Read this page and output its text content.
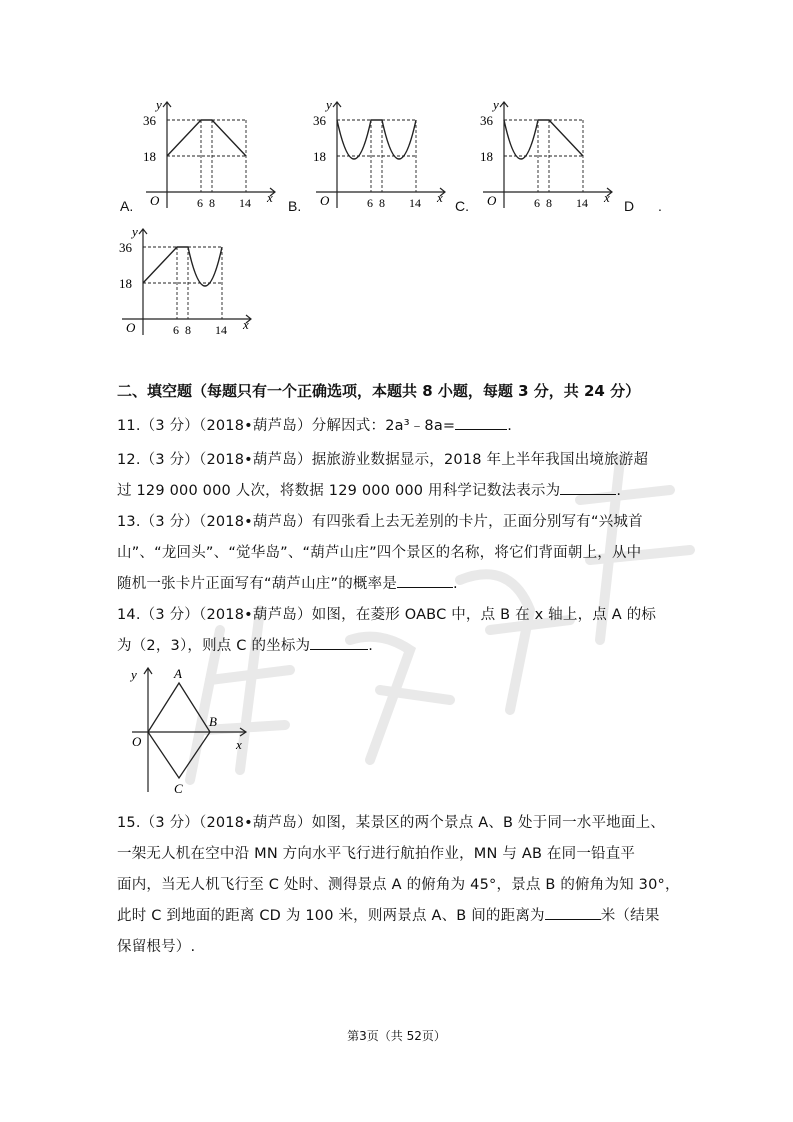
y
36
18
O	6 8 14 x
A.
y
36
18
O	6 8 14 x
B.
y
36
18
O	6 8 14 x
C.	D .
y
36
18
O	6 8 14 x
二、填空题（每题只有一个正确选项，本题共 8 小题，每题 3 分，共 24 分）
11.（3 分）（2018•葫芦岛）分解因式：2a³﹣8a=	.
12.（3 分）（2018•葫芦岛）据旅游业数据显示，2018 年上半年我国出境旅游超
过 129 000 000 人次，将数据 129 000 000 用科学记数法表示为	.
13.（3 分）（2018•葫芦岛）有四张看上去无差别的卡片，正面分别写有“兴城首
山”、“龙回头”、“觉华岛”、“葫芦山庄”四个景区的名称，将它们背面朝上，从中
随机一张卡片正面写有“葫芦山庄”的概率是	.
14.（3 分）（2018•葫芦岛）如图，在菱形 OABC 中，点 B 在 x 轴上，点 A 的标
为（2，3），则点 C 的坐标为	.
y
x
O
A
B
C
15.（3 分）（2018•葫芦岛）如图，某景区的两个景点 A、B 处于同一水平地面上、
一架无人机在空中沿 MN 方向水平飞行进行航拍作业，MN 与 AB 在同一铅直平
面内，当无人机飞行至 C 处时、测得景点 A 的俯角为 45°，景点 B 的俯角为知 30°，
此时 C 到地面的距离 CD 为 100 米，则两景点 A、B 间的距离为	米（结果
保留根号）.
第3页（共 52页）
